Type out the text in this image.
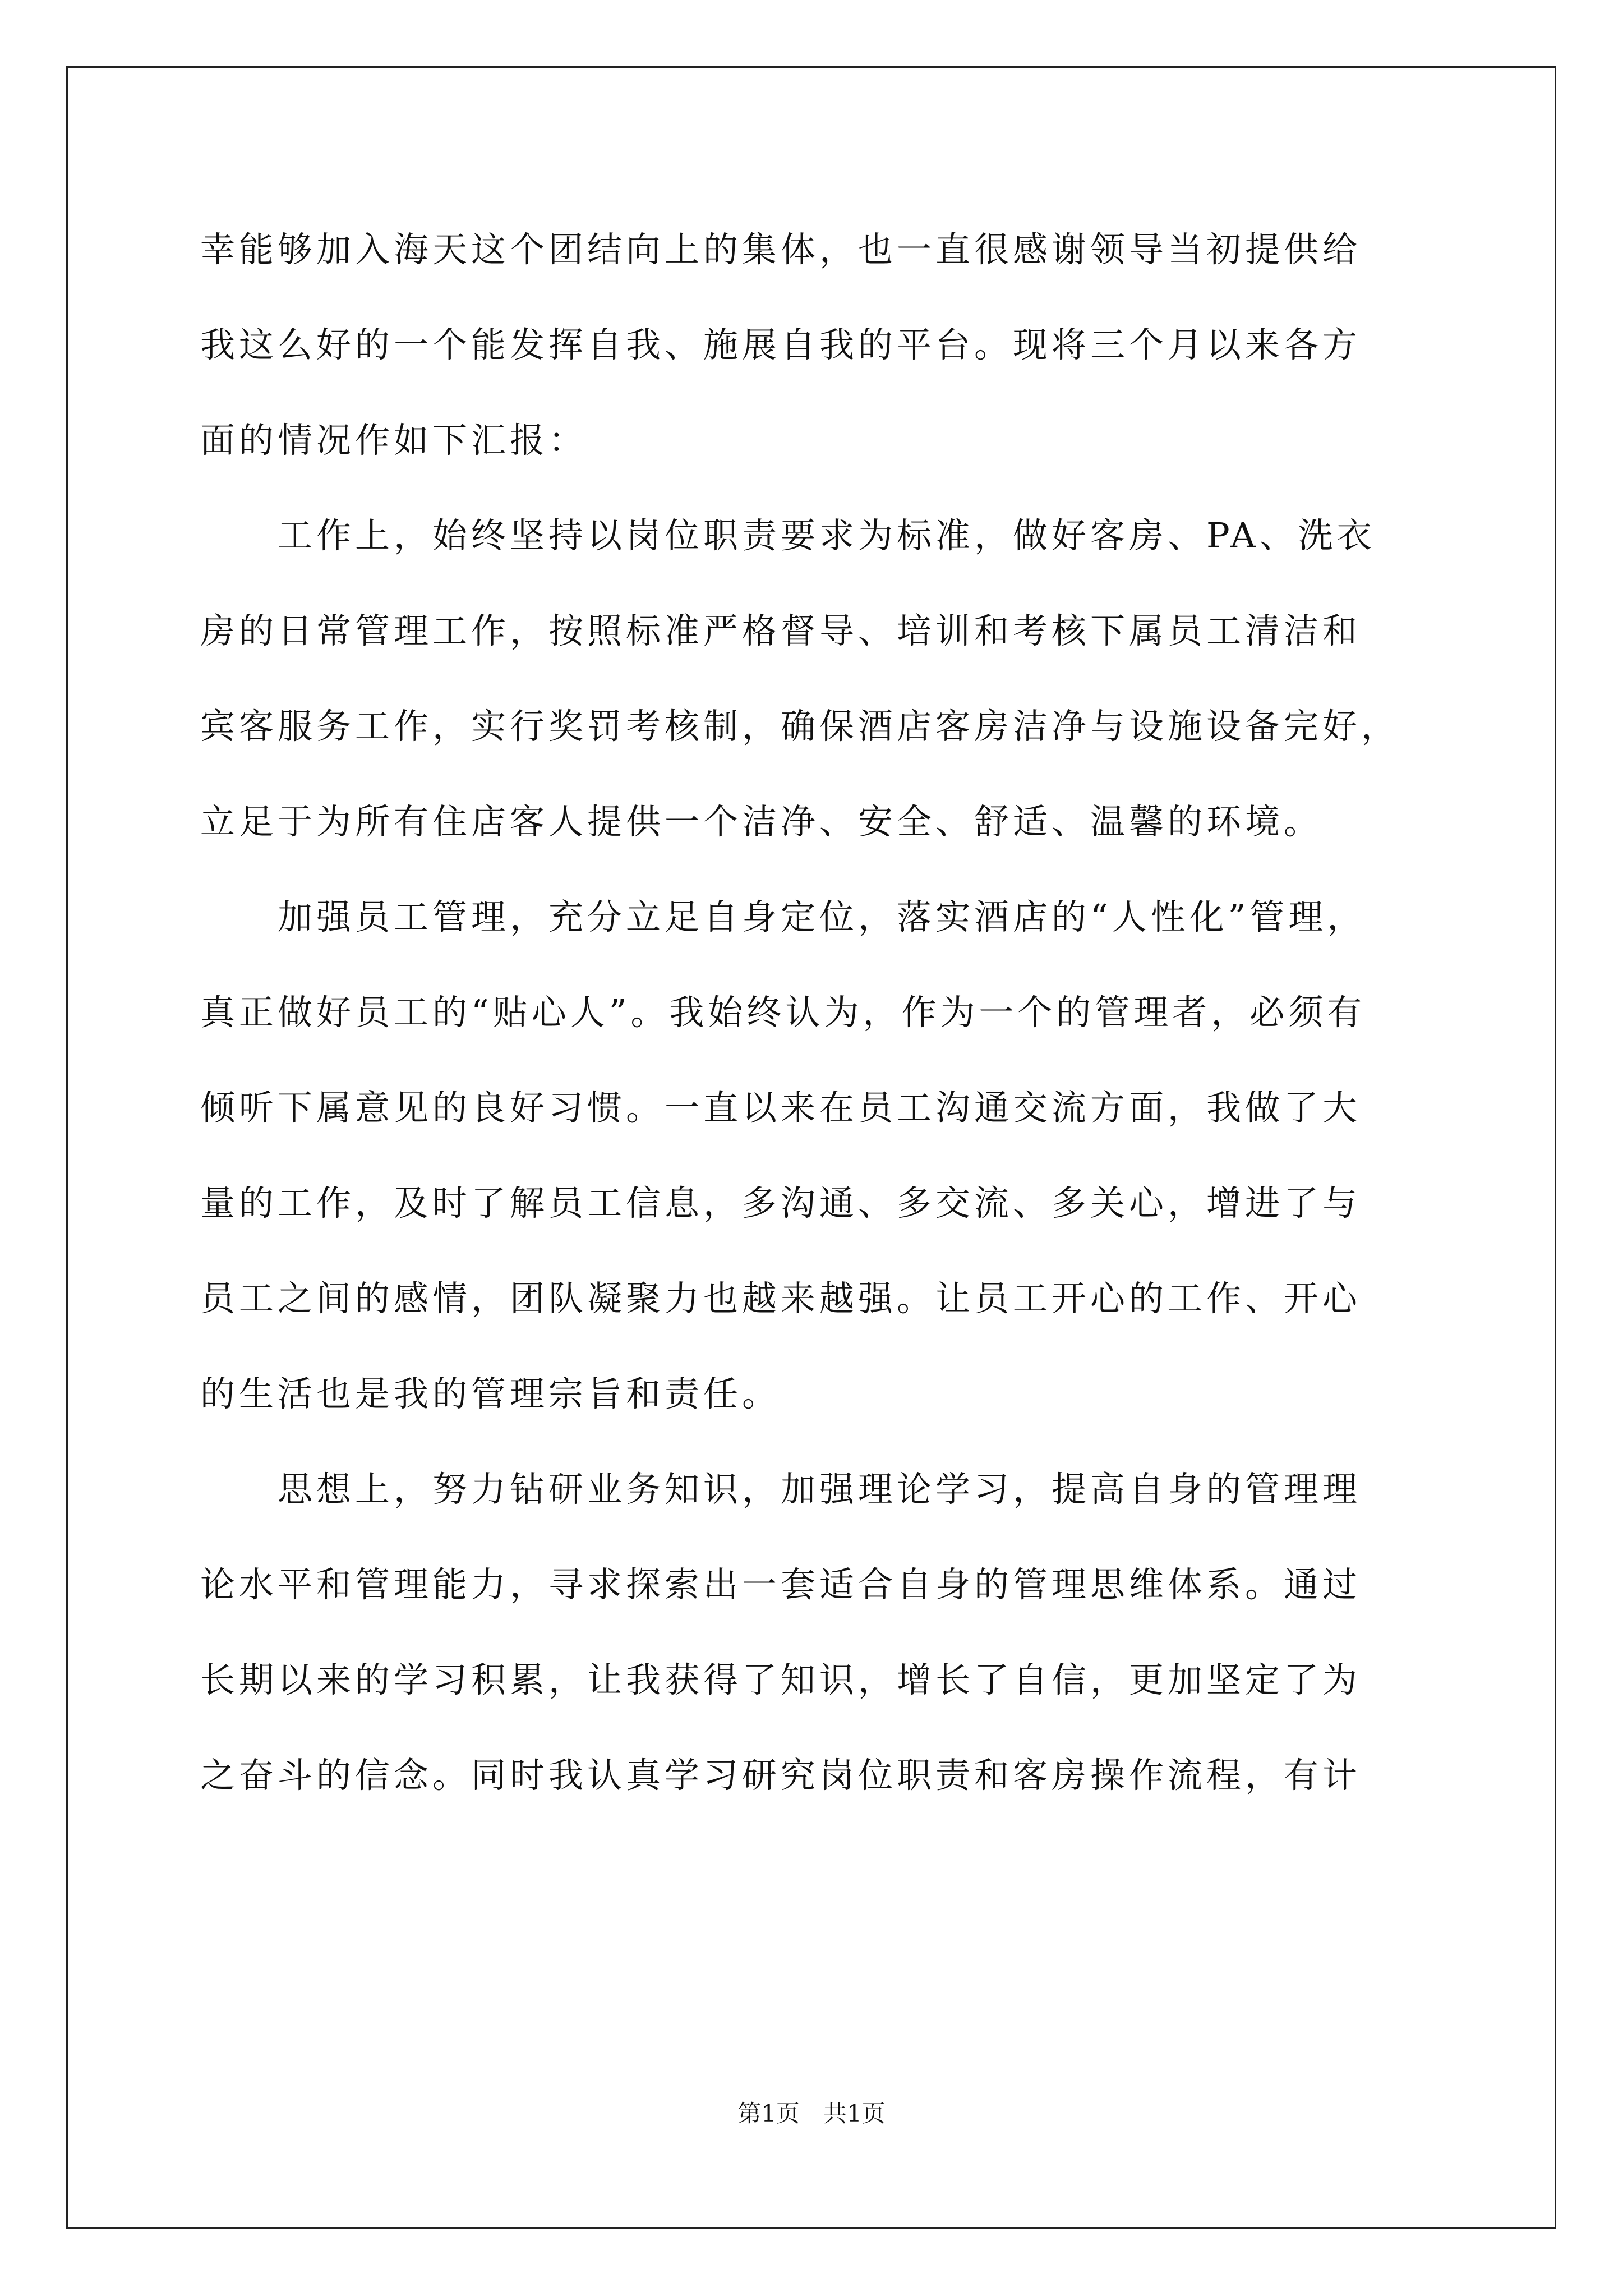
幸能够加入海天这个团结向上的集体，也一直很感谢领导当初提供给
我这么好的一个能发挥自我、施展自我的平台。现将三个月以来各方
面的情况作如下汇报：
　　工作上，始终坚持以岗位职责要求为标准，做好客房、PA、洗衣
房的日常管理工作，按照标准严格督导、培训和考核下属员工清洁和
宾客服务工作，实行奖罚考核制，确保酒店客房洁净与设施设备完好，
立足于为所有住店客人提供一个洁净、安全、舒适、温馨的环境。
　　加强员工管理，充分立足自身定位，落实酒店的“人性化”管理，
真正做好员工的“贴心人”。我始终认为，作为一个的管理者，必须有
倾听下属意见的良好习惯。一直以来在员工沟通交流方面，我做了大
量的工作，及时了解员工信息，多沟通、多交流、多关心，增进了与
员工之间的感情，团队凝聚力也越来越强。让员工开心的工作、开心
的生活也是我的管理宗旨和责任。
　　思想上，努力钻研业务知识，加强理论学习，提高自身的管理理
论水平和管理能力，寻求探索出一套适合自身的管理思维体系。通过
长期以来的学习积累，让我获得了知识，增长了自信，更加坚定了为
之奋斗的信念。同时我认真学习研究岗位职责和客房操作流程，有计
第1页　共1页
